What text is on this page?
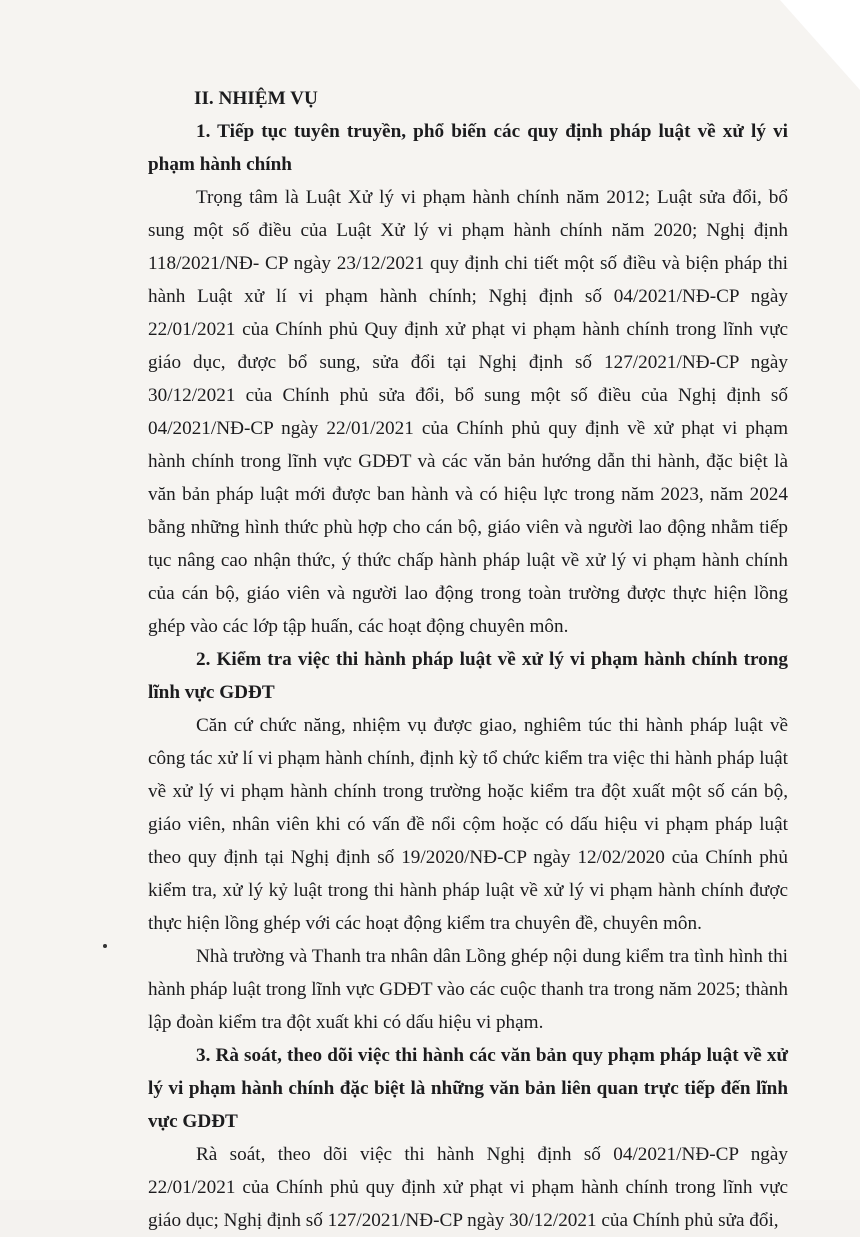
II. NHIỆM VỤ

1. Tiếp tục tuyên truyền, phổ biến các quy định pháp luật về xử lý vi phạm hành chính

Trọng tâm là Luật Xử lý vi phạm hành chính năm 2012; Luật sửa đổi, bổ sung một số điều của Luật Xử lý vi phạm hành chính năm 2020; Nghị định 118/2021/NĐ- CP ngày 23/12/2021 quy định chi tiết một số điều và biện pháp thi hành Luật xử lí vi phạm hành chính; Nghị định số 04/2021/NĐ-CP ngày 22/01/2021 của Chính phủ Quy định xử phạt vi phạm hành chính trong lĩnh vực giáo dục, được bổ sung, sửa đổi tại Nghị định số 127/2021/NĐ-CP ngày 30/12/2021 của Chính phủ sửa đổi, bổ sung một số điều của Nghị định số 04/2021/NĐ-CP ngày 22/01/2021 của Chính phủ quy định về xử phạt vi phạm hành chính trong lĩnh vực GDĐT và các văn bản hướng dẫn thi hành, đặc biệt là văn bản pháp luật mới được ban hành và có hiệu lực trong năm 2023, năm 2024 bằng những hình thức phù hợp cho cán bộ, giáo viên và người lao động nhằm tiếp tục nâng cao nhận thức, ý thức chấp hành pháp luật về xử lý vi phạm hành chính của cán bộ, giáo viên và người lao động trong toàn trường được thực hiện lồng ghép vào các lớp tập huấn, các hoạt động chuyên môn.

2. Kiểm tra việc thi hành pháp luật về xử lý vi phạm hành chính trong lĩnh vực GDĐT

Căn cứ chức năng, nhiệm vụ được giao, nghiêm túc thi hành pháp luật về công tác xử lí vi phạm hành chính, định kỳ tổ chức kiểm tra việc thi hành pháp luật về xử lý vi phạm hành chính trong trường hoặc kiểm tra đột xuất một số cán bộ, giáo viên, nhân viên khi có vấn đề nổi cộm hoặc có dấu hiệu vi phạm pháp luật theo quy định tại Nghị định số 19/2020/NĐ-CP ngày 12/02/2020 của Chính phủ kiểm tra, xử lý kỷ luật trong thi hành pháp luật về xử lý vi phạm hành chính được thực hiện lồng ghép với các hoạt động kiểm tra chuyên đề, chuyên môn.

Nhà trường và Thanh tra nhân dân Lồng ghép nội dung kiểm tra tình hình thi hành pháp luật trong lĩnh vực GDĐT vào các cuộc thanh tra trong năm 2025; thành lập đoàn kiểm tra đột xuất khi có dấu hiệu vi phạm.

3. Rà soát, theo dõi việc thi hành các văn bản quy phạm pháp luật về xử lý vi phạm hành chính đặc biệt là những văn bản liên quan trực tiếp đến lĩnh vực GDĐT

Rà soát, theo dõi việc thi hành Nghị định số 04/2021/NĐ-CP ngày 22/01/2021 của Chính phủ quy định xử phạt vi phạm hành chính trong lĩnh vực giáo dục; Nghị định số 127/2021/NĐ-CP ngày 30/12/2021 của Chính phủ sửa đổi,
